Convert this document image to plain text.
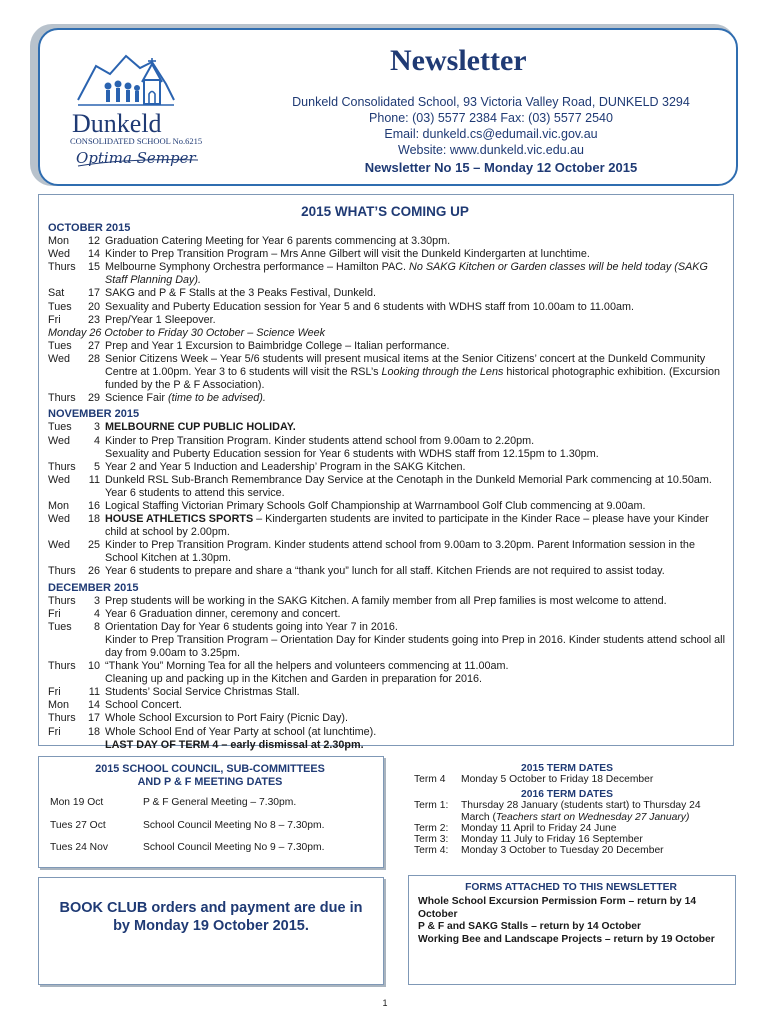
Dunkeld
CONSOLIDATED SCHOOL No.6215
Optima Semper
Newsletter
Dunkeld Consolidated School, 93 Victoria Valley Road, DUNKELD 3294
Phone: (03) 5577 2384 Fax: (03) 5577 2540
Email: dunkeld.cs@edumail.vic.gov.au
Website: www.dunkeld.vic.edu.au
Newsletter No 15 – Monday 12 October 2015
2015 WHAT’S COMING UP
OCTOBER 2015
Mon	12 Graduation Catering Meeting for Year 6 parents commencing at 3.30pm.
Wed	14 Kinder to Prep Transition Program – Mrs Anne Gilbert will visit the Dunkeld Kindergarten at lunchtime.
Thurs	15 Melbourne Symphony Orchestra performance – Hamilton PAC. No SAKG Kitchen or Garden classes will be held today (SAKG Staff Planning Day).
Sat	17 SAKG and P & F Stalls at the 3 Peaks Festival, Dunkeld.
Tues	20 Sexuality and Puberty Education session for Year 5 and 6 students with WDHS staff from 10.00am to 11.00am.
Fri	23 Prep/Year 1 Sleepover.
Monday 26 October to Friday 30 October – Science Week
Tues	27 Prep and Year 1 Excursion to Baimbridge College – Italian performance.
Wed	28 Senior Citizens Week – Year 5/6 students will present musical items at the Senior Citizens’ concert at the Dunkeld Community Centre at 1.00pm. Year 3 to 6 students will visit the RSL’s Looking through the Lens historical photographic exhibition. (Excursion funded by the P & F Association).
Thurs	29 Science Fair (time to be advised).
NOVEMBER 2015
Tues	3 MELBOURNE CUP PUBLIC HOLIDAY.
Wed	4 Kinder to Prep Transition Program. Kinder students attend school from 9.00am to 2.20pm.
Sexuality and Puberty Education session for Year 6 students with WDHS staff from 12.15pm to 1.30pm.
Thurs	5 Year 2 and Year 5 Induction and Leadership’ Program in the SAKG Kitchen.
Wed	11 Dunkeld RSL Sub-Branch Remembrance Day Service at the Cenotaph in the Dunkeld Memorial Park commencing at 10.50am. Year 6 students to attend this service.
Mon	16 Logical Staffing Victorian Primary Schools Golf Championship at Warrnambool Golf Club commencing at 9.00am.
Wed	18 HOUSE ATHLETICS SPORTS – Kindergarten students are invited to participate in the Kinder Race – please have your Kinder child at school by 2.00pm.
Wed	25 Kinder to Prep Transition Program. Kinder students attend school from 9.00am to 3.20pm. Parent Information session in the School Kitchen at 1.30pm.
Thurs	26 Year 6 students to prepare and share a “thank you” lunch for all staff. Kitchen Friends are not required to assist today.
DECEMBER 2015
Thurs	3 Prep students will be working in the SAKG Kitchen. A family member from all Prep families is most welcome to attend.
Fri	4 Year 6 Graduation dinner, ceremony and concert.
Tues	8 Orientation Day for Year 6 students going into Year 7 in 2016.
Kinder to Prep Transition Program – Orientation Day for Kinder students going into Prep in 2016. Kinder students attend school all day from 9.00am to 3.25pm.
Thurs	10 “Thank You” Morning Tea for all the helpers and volunteers commencing at 11.00am.
Cleaning up and packing up in the Kitchen and Garden in preparation for 2016.
Fri	11 Students’ Social Service Christmas Stall.
Mon	14 School Concert.
Thurs	17 Whole School Excursion to Port Fairy (Picnic Day).
Fri	18 Whole School End of Year Party at school (at lunchtime).
LAST DAY OF TERM 4 – early dismissal at 2.30pm.
2015 SCHOOL COUNCIL, SUB-COMMITTEES
AND P & F MEETING DATES
Mon 19 Oct	P & F General Meeting – 7.30pm.
Tues 27 Oct	School Council Meeting No 8 – 7.30pm.
Tues 24 Nov	School Council Meeting No 9 – 7.30pm.
2015 TERM DATES
Term 4 Monday 5 October to Friday 18 December
2016 TERM DATES
Term 1: Thursday 28 January (students start) to Thursday 24 March (Teachers start on Wednesday 27 January)
Term 2: Monday 11 April to Friday 24 June
Term 3: Monday 11 July to Friday 16 September
Term 4: Monday 3 October to Tuesday 20 December
BOOK CLUB orders and payment are due in
by Monday 19 October 2015.
FORMS ATTACHED TO THIS NEWSLETTER
Whole School Excursion Permission Form – return by 14 October
P & F and SAKG Stalls – return by 14 October
Working Bee and Landscape Projects – return by 19 October
1
